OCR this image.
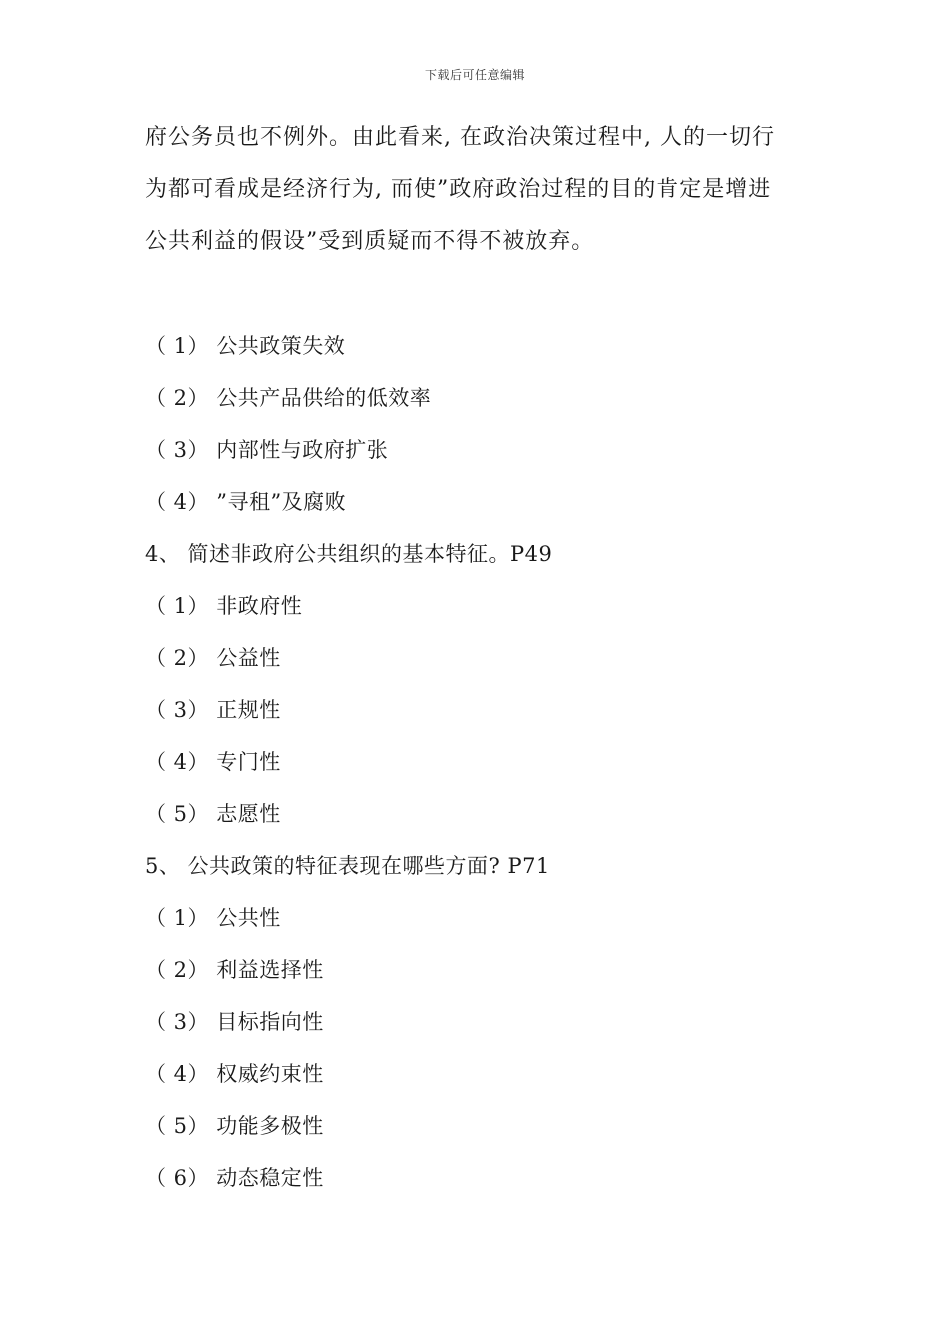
下载后可任意编辑
府公务员也不例外。由此看来, 在政治决策过程中, 人的一切行
为都可看成是经济行为, 而使”政府政治过程的目的肯定是增进
公共利益的假设”受到质疑而不得不被放弃。
（ 1） 公共政策失效
（ 2） 公共产品供给的低效率
（ 3） 内部性与政府扩张
（ 4） ”寻租”及腐败
4、 简述非政府公共组织的基本特征。P49
（ 1） 非政府性
（ 2） 公益性
（ 3） 正规性
（ 4） 专门性
（ 5） 志愿性
5、 公共政策的特征表现在哪些方面? P71
（ 1） 公共性
（ 2） 利益选择性
（ 3） 目标指向性
（ 4） 权威约束性
（ 5） 功能多极性
（ 6） 动态稳定性
